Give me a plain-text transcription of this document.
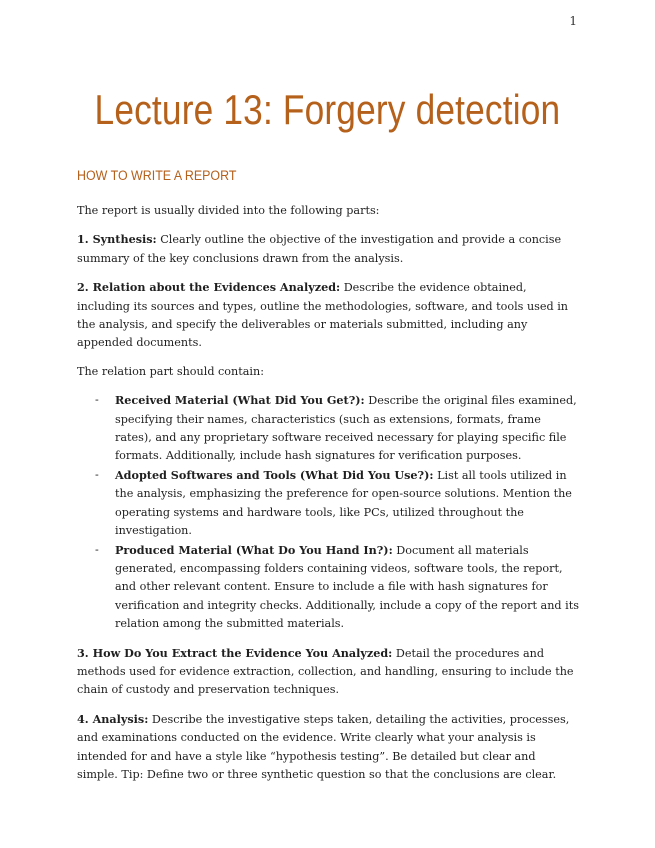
1
Lecture 13: Forgery detection
HOW TO WRITE A REPORT

The report is usually divided into the following parts:

1. Synthesis: Clearly outline the objective of the investigation and provide a concise summary of the key conclusions drawn from the analysis.

2. Relation about the Evidences Analyzed: Describe the evidence obtained, including its sources and types, outline the methodologies, software, and tools used in the analysis, and specify the deliverables or materials submitted, including any appended documents.

The relation part should contain:

- Received Material (What Did You Get?): Describe the original files examined, specifying their names, characteristics (such as extensions, formats, frame rates), and any proprietary software received necessary for playing specific file formats. Additionally, include hash signatures for verification purposes.
- Adopted Softwares and Tools (What Did You Use?): List all tools utilized in the analysis, emphasizing the preference for open-source solutions. Mention the operating systems and hardware tools, like PCs, utilized throughout the investigation.
- Produced Material (What Do You Hand In?): Document all materials generated, encompassing folders containing videos, software tools, the report, and other relevant content. Ensure to include a file with hash signatures for verification and integrity checks. Additionally, include a copy of the report and its relation among the submitted materials.

3. How Do You Extract the Evidence You Analyzed: Detail the procedures and methods used for evidence extraction, collection, and handling, ensuring to include the chain of custody and preservation techniques.

4. Analysis: Describe the investigative steps taken, detailing the activities, processes, and examinations conducted on the evidence. Write clearly what your analysis is intended for and have a style like “hypothesis testing”. Be detailed but clear and simple. Tip: Define two or three synthetic question so that the conclusions are clear.
